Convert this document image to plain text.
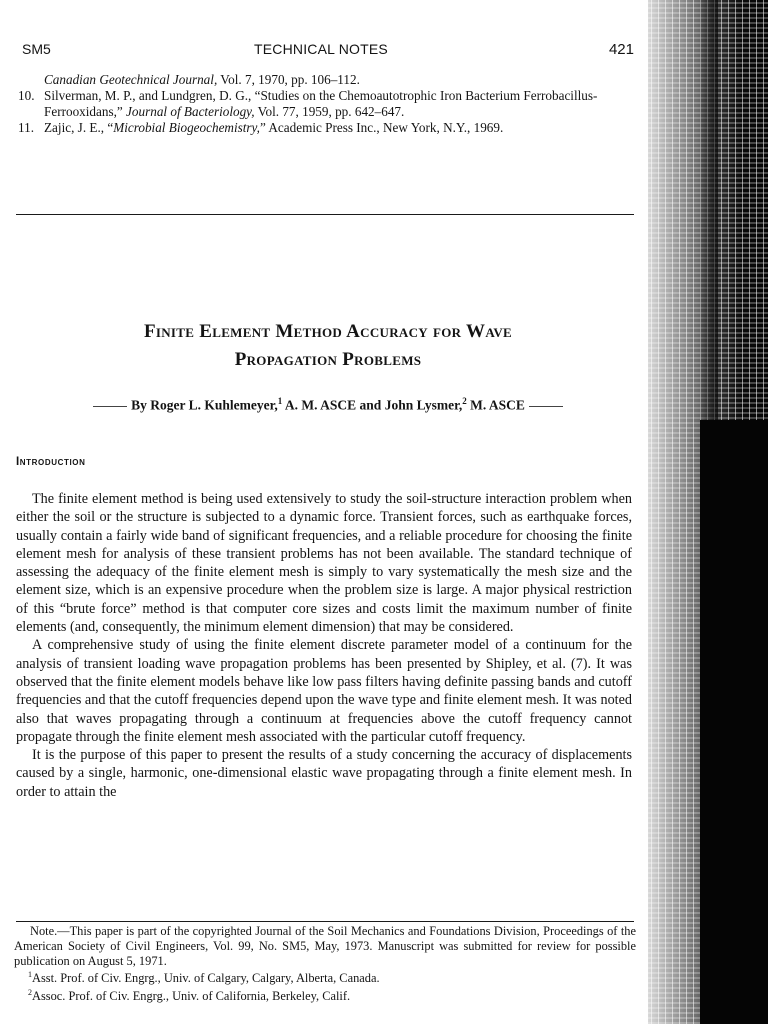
SM5	TECHNICAL NOTES	421
Canadian Geotechnical Journal, Vol. 7, 1970, pp. 106–112.
10. Silverman, M. P., and Lundgren, D. G., “Studies on the Chemoautotrophic Iron Bacterium Ferrobacillus-Ferrooxidans,” Journal of Bacteriology, Vol. 77, 1959, pp. 642–647.
11. Zajic, J. E., “Microbial Biogeochemistry,” Academic Press Inc., New York, N.Y., 1969.
Finite Element Method Accuracy for Wave
Propagation Problems
By Roger L. Kuhlemeyer,$^1$ A. M. ASCE and John Lysmer,$^2$ M. ASCE
Introduction

The finite element method is being used extensively to study the soil-structure interaction problem when either the soil or the structure is subjected to a dynamic force. Transient forces, such as earthquake forces, usually contain a fairly wide band of significant frequencies, and a reliable procedure for choosing the finite element mesh for analysis of these transient problems has not been available. The standard technique of assessing the adequacy of the finite element mesh is simply to vary systematically the mesh size and the element size, which is an expensive procedure when the problem size is large. A major physical restriction of this “brute force” method is that computer core sizes and costs limit the maximum number of finite elements (and, consequently, the minimum element dimension) that may be considered.

A comprehensive study of using the finite element discrete parameter model of a continuum for the analysis of transient loading wave propagation problems has been presented by Shipley, et al. (7). It was observed that the finite element models behave like low pass filters having definite passing bands and cutoff frequencies and that the cutoff frequencies depend upon the wave type and finite element mesh. It was noted also that waves propagating through a continuum at frequencies above the cutoff frequency cannot propagate through the finite element mesh associated with the particular cutoff frequency.

It is the purpose of this paper to present the results of a study concerning the accuracy of displacements caused by a single, harmonic, one-dimensional elastic wave propagating through a finite element mesh. In order to attain the

Note.—This paper is part of the copyrighted Journal of the Soil Mechanics and Foundations Division, Proceedings of the American Society of Civil Engineers, Vol. 99, No. SM5, May, 1973. Manuscript was submitted for review for possible publication on August 5, 1971.
$^1$Asst. Prof. of Civ. Engrg., Univ. of Calgary, Calgary, Alberta, Canada.
$^2$Assoc. Prof. of Civ. Engrg., Univ. of California, Berkeley, Calif.
